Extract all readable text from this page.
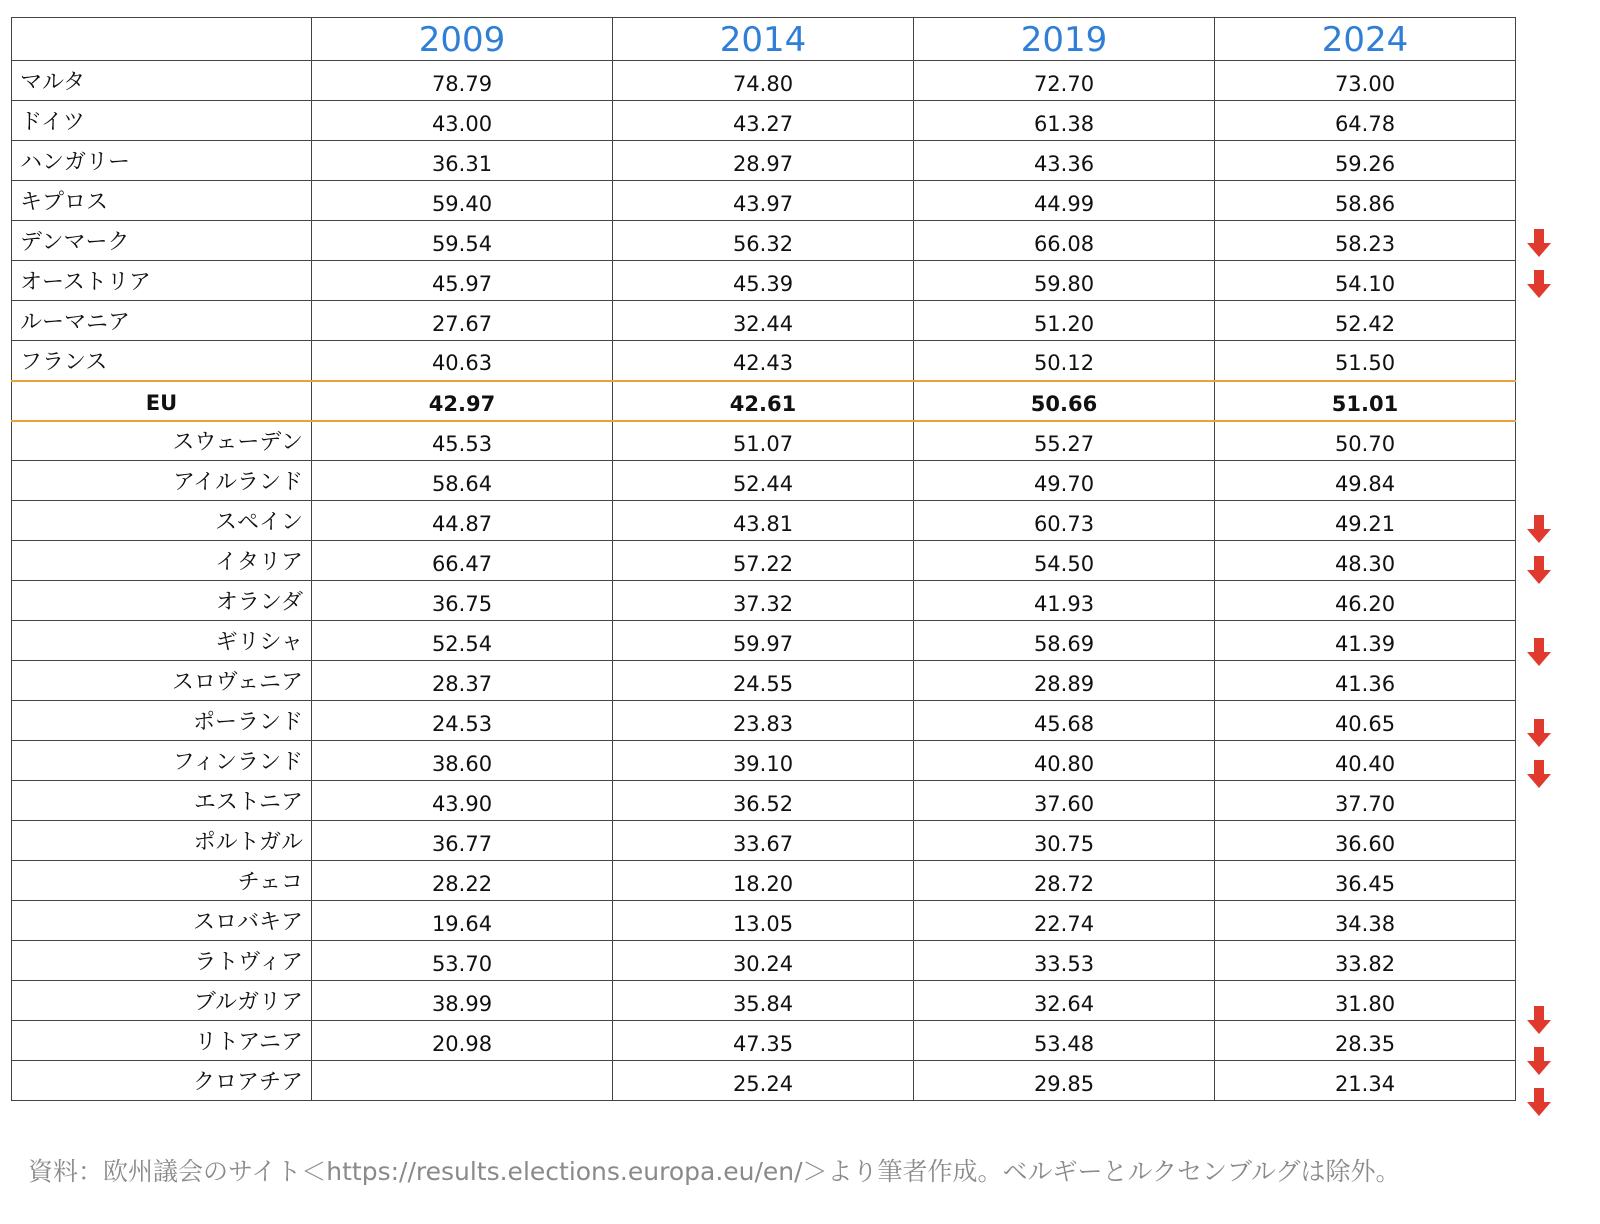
	2009	2014	2019	2024
マルタ	78.79	74.80	72.70	73.00
ドイツ	43.00	43.27	61.38	64.78
ハンガリー	36.31	28.97	43.36	59.26
キプロス	59.40	43.97	44.99	58.86
デンマーク	59.54	56.32	66.08	58.23
オーストリア	45.97	45.39	59.80	54.10
ルーマニア	27.67	32.44	51.20	52.42
フランス	40.63	42.43	50.12	51.50
EU	42.97	42.61	50.66	51.01
スウェーデン	45.53	51.07	55.27	50.70
アイルランド	58.64	52.44	49.70	49.84
スペイン	44.87	43.81	60.73	49.21
イタリア	66.47	57.22	54.50	48.30
オランダ	36.75	37.32	41.93	46.20
ギリシャ	52.54	59.97	58.69	41.39
スロヴェニア	28.37	24.55	28.89	41.36
ポーランド	24.53	23.83	45.68	40.65
フィンランド	38.60	39.10	40.80	40.40
エストニア	43.90	36.52	37.60	37.70
ポルトガル	36.77	33.67	30.75	36.60
チェコ	28.22	18.20	28.72	36.45
スロバキア	19.64	13.05	22.74	34.38
ラトヴィア	53.70	30.24	33.53	33.82
ブルガリア	38.99	35.84	32.64	31.80
リトアニア	20.98	47.35	53.48	28.35
クロアチア		25.24	29.85	21.34
資料：欧州議会のサイト＜https://results.elections.europa.eu/en/＞より筆者作成。ベルギーとルクセンブルグは除外。
